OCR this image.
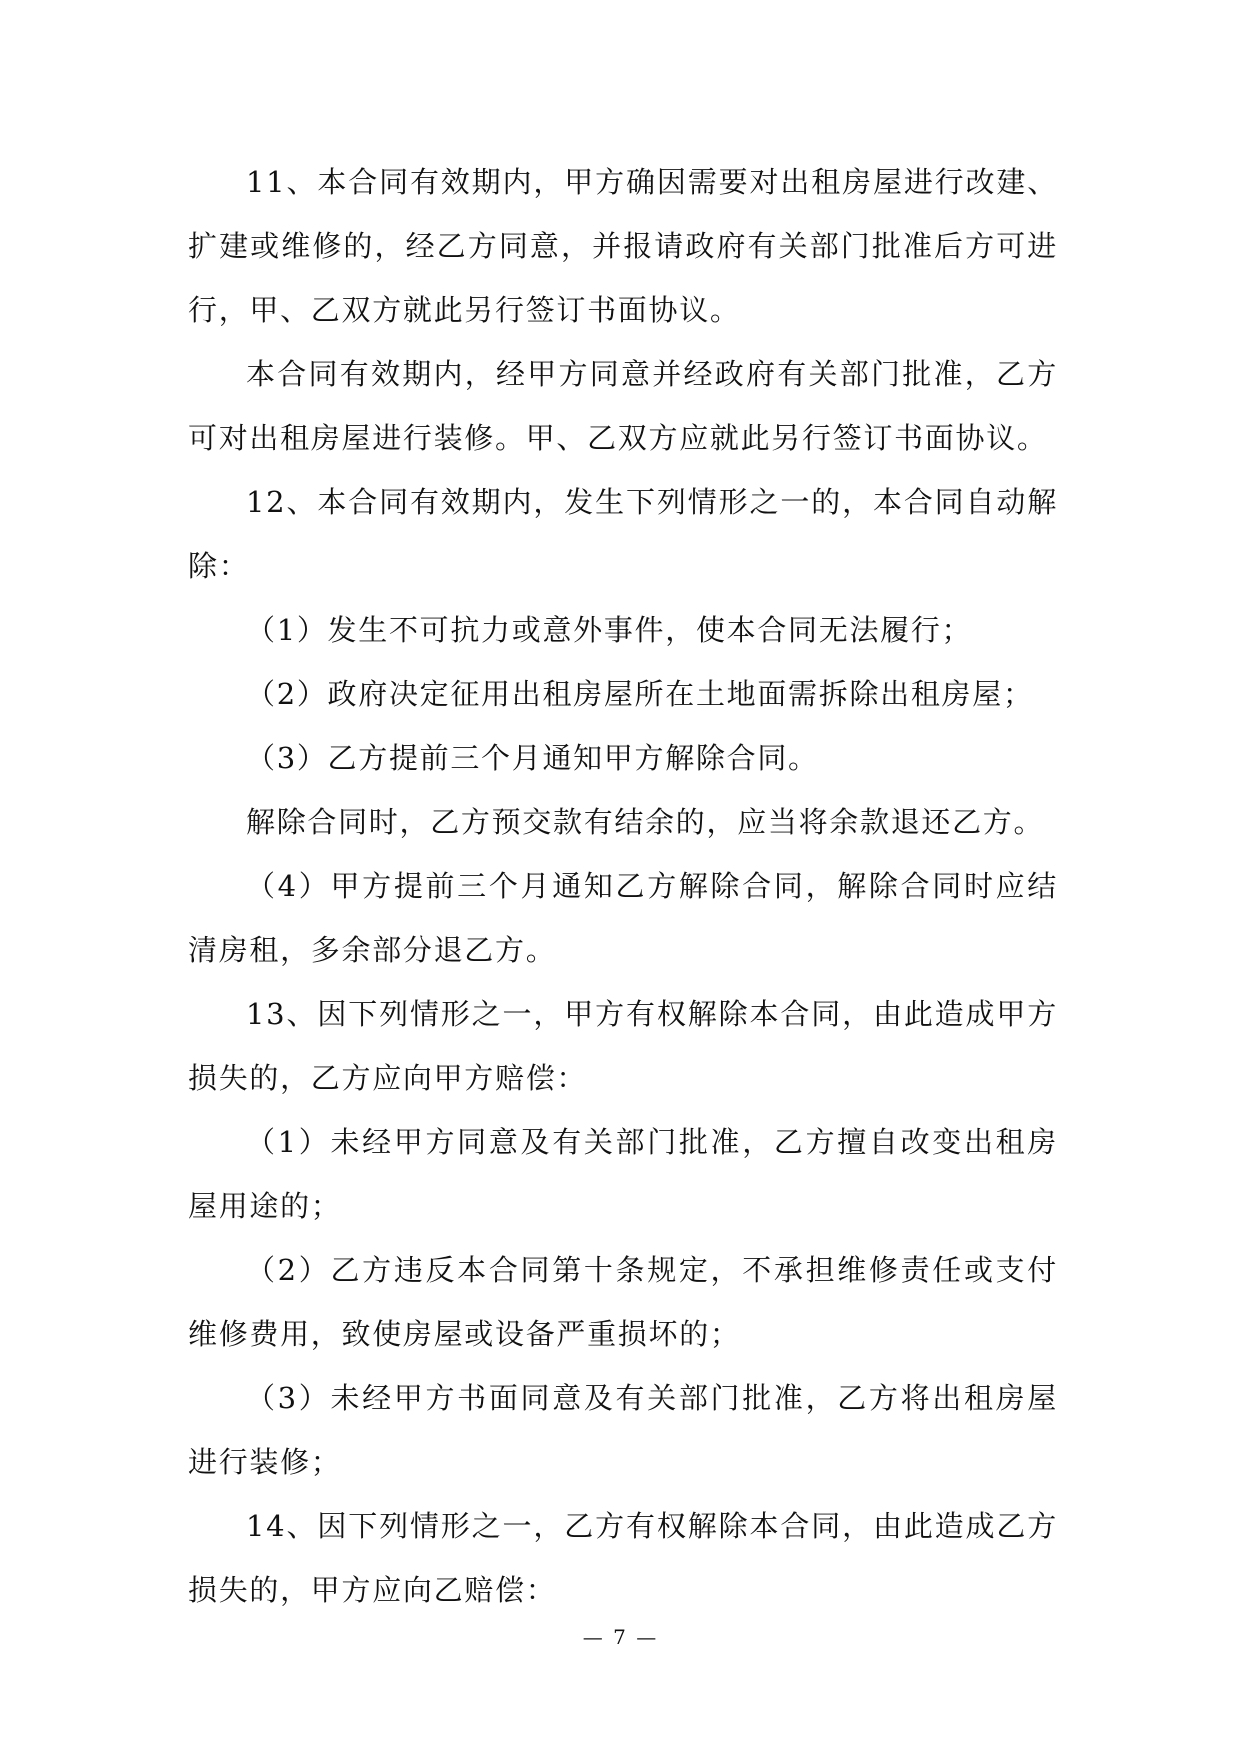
11、本合同有效期内，甲方确因需要对出租房屋进行改建、扩建或维修的，经乙方同意，并报请政府有关部门批准后方可进行，甲、乙双方就此另行签订书面协议。

本合同有效期内，经甲方同意并经政府有关部门批准，乙方可对出租房屋进行装修。甲、乙双方应就此另行签订书面协议。

12、本合同有效期内，发生下列情形之一的，本合同自动解除：

（1）发生不可抗力或意外事件，使本合同无法履行；

（2）政府决定征用出租房屋所在土地面需拆除出租房屋；

（3）乙方提前三个月通知甲方解除合同。

解除合同时，乙方预交款有结余的，应当将余款退还乙方。

（4）甲方提前三个月通知乙方解除合同，解除合同时应结清房租，多余部分退乙方。

13、因下列情形之一，甲方有权解除本合同，由此造成甲方损失的，乙方应向甲方赔偿：

（1）未经甲方同意及有关部门批准，乙方擅自改变出租房屋用途的；

（2）乙方违反本合同第十条规定，不承担维修责任或支付维修费用，致使房屋或设备严重损坏的；

（3）未经甲方书面同意及有关部门批准，乙方将出租房屋进行装修；

14、因下列情形之一，乙方有权解除本合同，由此造成乙方损失的，甲方应向乙赔偿：

— 7 —
